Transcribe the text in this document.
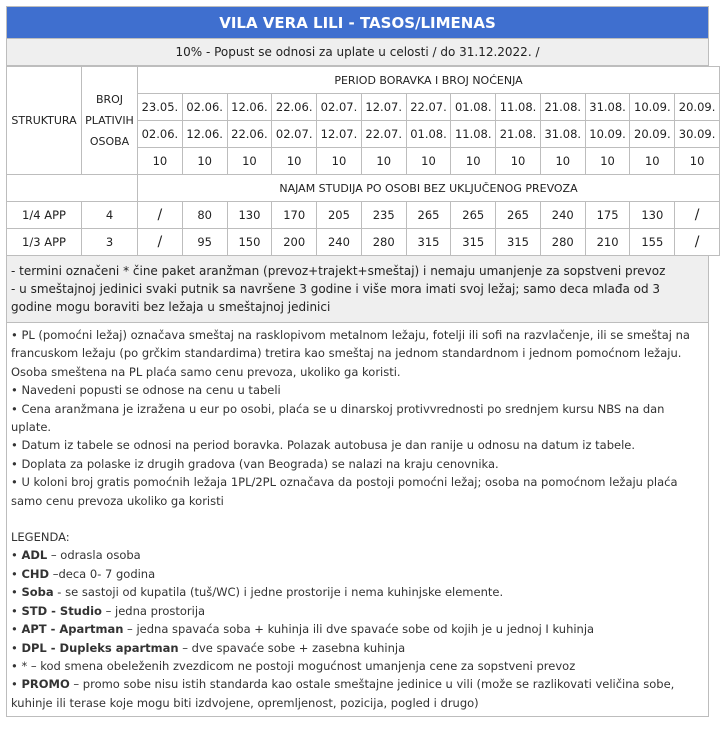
VILA VERA LILI - TASOS/LIMENAS
10% - Popust se odnosi za uplate u celosti / do 31.12.2022. /
STRUKTURA	BROJ PLATIVIH OSOBA	PERIOD BORAVKA I BROJ NOĆENJA												
		23.05.	02.06.	12.06.	22.06.	02.07.	12.07.	22.07.	01.08.	11.08.	21.08.	31.08.	10.09.	20.09.
		02.06.	12.06.	22.06.	02.07.	12.07.	22.07.	01.08.	11.08.	21.08.	31.08.	10.09.	20.09.	30.09.
		10	10	10	10	10	10	10	10	10	10	10	10	10
		NAJAM STUDIJA PO OSOBI BEZ UKLJUČENOG PREVOZA												
1/4 APP	4	/	80	130	170	205	235	265	265	265	240	175	130	/
1/3 APP	3	/	95	150	200	240	280	315	315	315	280	210	155	/
- termini označeni * čine paket aranžman (prevoz+trajekt+smeštaj) i nemaju umanjenje za sopstveni prevoz
- u smeštajnoj jedinici svaki putnik sa navršene 3 godine i više mora imati svoj ležaj; samo deca mlađa od 3 godine mogu boraviti bez ležaja u smeštajnoj jedinici
• PL (pomoćni ležaj) označava smeštaj na rasklopivom metalnom ležaju, fotelji ili sofi na razvlačenje, ili se smeštaj na francuskom ležaju (po grčkim standardima) tretira kao smeštaj na jednom standardnom i jednom pomoćnom ležaju. Osoba smeštena na PL plaća samo cenu prevoza, ukoliko ga koristi.
• Navedeni popusti se odnose na cenu u tabeli
• Cena aranžmana je izražena u eur po osobi, plaća se u dinarskoj protivvrednosti po srednjem kursu NBS na dan uplate.
• Datum iz tabele se odnosi na period boravka. Polazak autobusa je dan ranije u odnosu na datum iz tabele.
• Doplata za polaske iz drugih gradova (van Beograda) se nalazi na kraju cenovnika.
• U koloni broj gratis pomoćnih ležaja 1PL/2PL označava da postoji pomoćni ležaj; osoba na pomoćnom ležaju plaća samo cenu prevoza ukoliko ga koristi
LEGENDA:
• ADL – odrasla osoba
• CHD –deca 0- 7 godina
• Soba - se sastoji od kupatila (tuš/WC) i jedne prostorije i nema kuhinjske elemente.
• STD - Studio – jedna prostorija
• APT - Apartman – jedna spavaća soba + kuhinja ili dve spavaće sobe od kojih je u jednoj I kuhinja
• DPL - Dupleks apartman – dve spavaće sobe + zasebna kuhinja
• * – kod smena obeleženih zvezdicom ne postoji mogućnost umanjenja cene za sopstveni prevoz
• PROMO – promo sobe nisu istih standarda kao ostale smeštajne jedinice u vili (može se razlikovati veličina sobe, kuhinje ili terase koje mogu biti izdvojene, opremljenost, pozicija, pogled i drugo)
